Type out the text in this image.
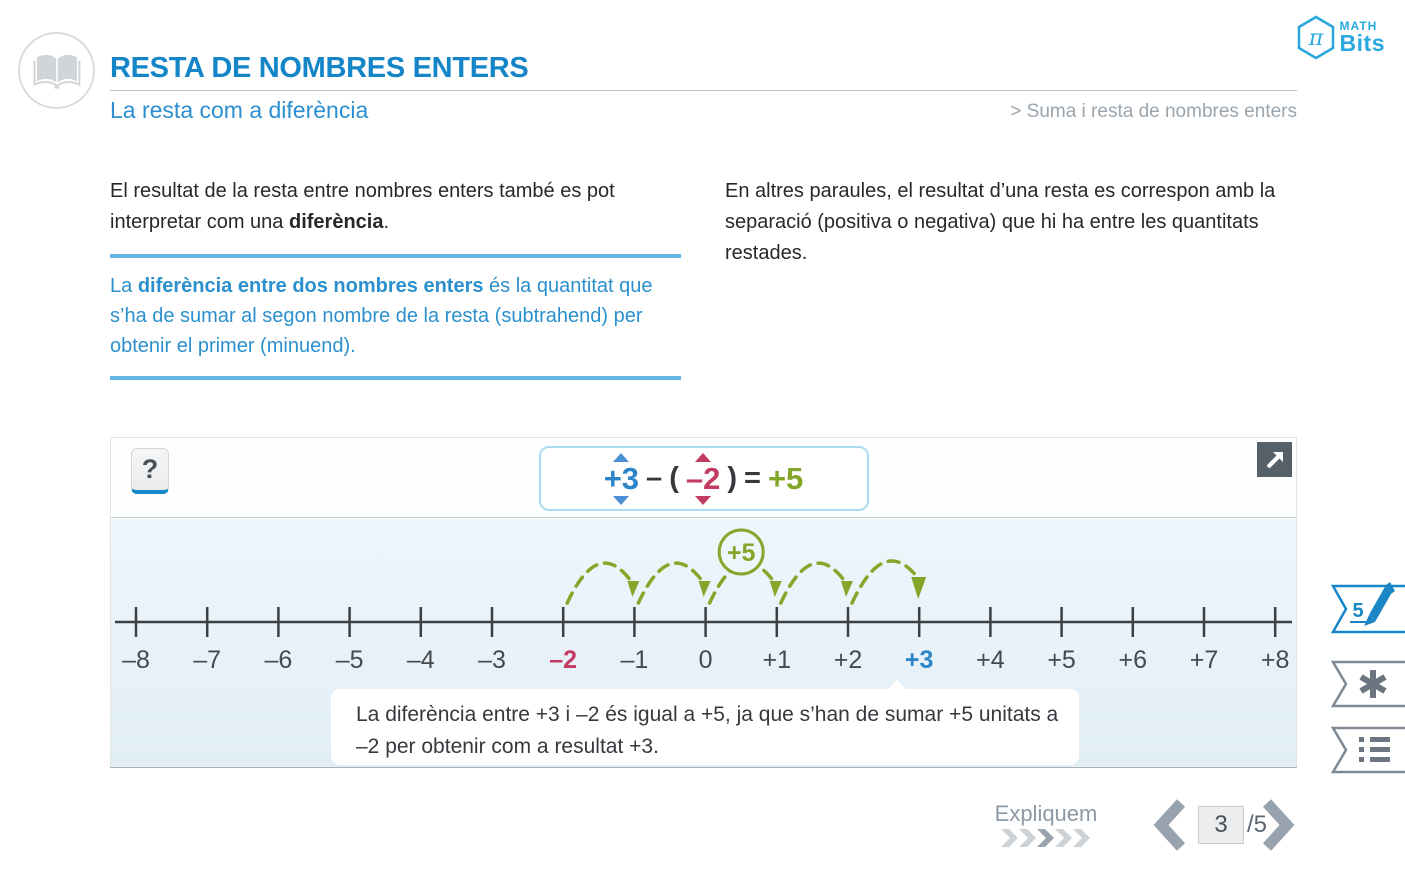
RESTA DE NOMBRES ENTERS
La resta com a diferència	> Suma i resta de nombres enters
π MATH
Bits
El resultat de la resta entre nombres enters també es pot interpretar com una diferència.
La diferència entre dos nombres enters és la quantitat que s’ha de sumar al segon nombre de la resta (subtrahend) per obtenir el primer (minuend).
En altres paraules, el resultat d’una resta es correspon amb la separació (positiva o negativa) que hi ha entre les quantitats restades.
?	+3 – ( –2 ) = +5
+5
–8	–7	–6	–5	–4	–3	–2	–1	0	+1	+2	+3	+4	+5	+6	+7	+8
La diferència entre +3 i –2 és igual a +5, ja que s’han de sumar +5 unitats a –2 per obtenir com a resultat +3.
5
Expliquem	3 /5
